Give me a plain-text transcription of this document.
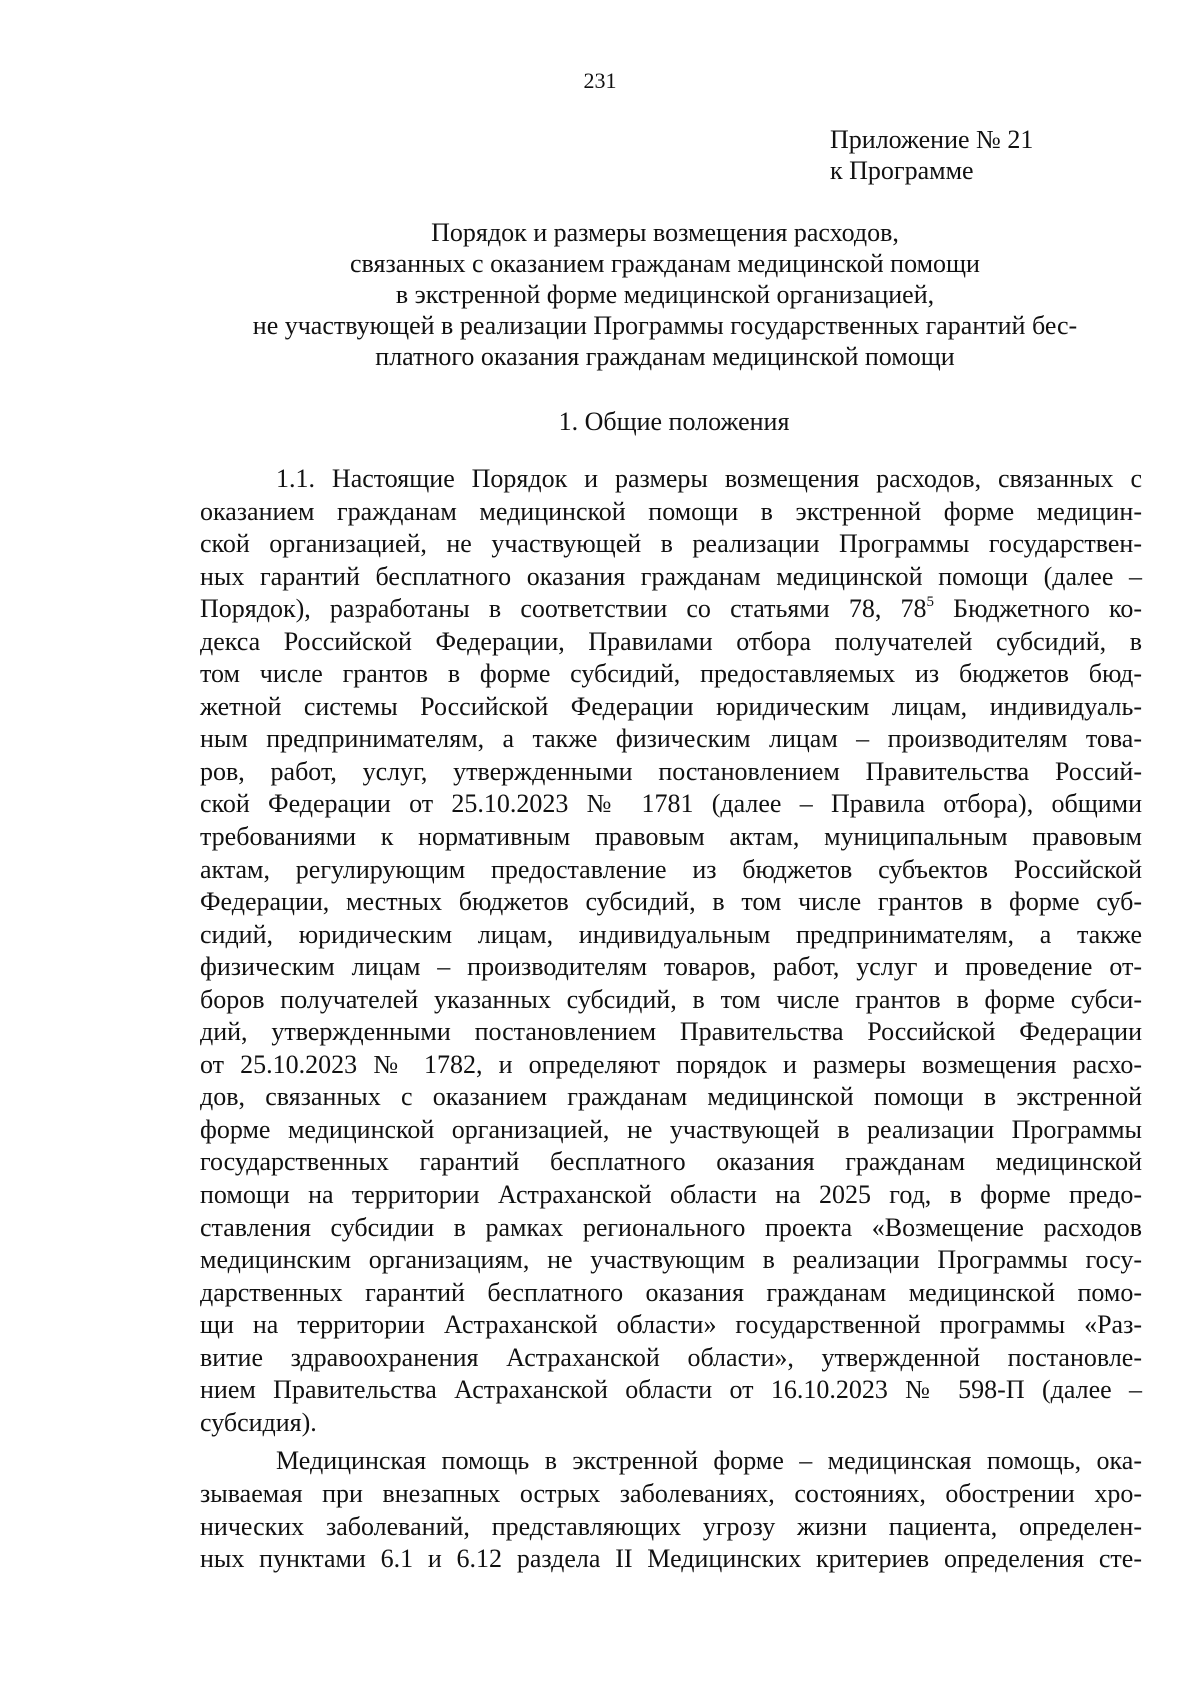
231
Приложение № 21
к Программе
Порядок и размеры возмещения расходов,
связанных с оказанием гражданам медицинской помощи
в экстренной форме медицинской организацией,
не участвующей в реализации Программы государственных гарантий бес-
платного оказания гражданам медицинской помощи
1. Общие положения
1.1. Настоящие Порядок и размеры возмещения расходов, связанных с
оказанием гражданам медицинской помощи в экстренной форме медицин-
ской организацией, не участвующей в реализации Программы государствен-
ных гарантий бесплатного оказания гражданам медицинской помощи (далее –
Порядок), разработаны в соответствии со статьями 78, $78^5$ Бюджетного ко-
декса Российской Федерации, Правилами отбора получателей субсидий, в
том числе грантов в форме субсидий, предоставляемых из бюджетов бюд-
жетной системы Российской Федерации юридическим лицам, индивидуаль-
ным предпринимателям, а также физическим лицам – производителям това-
ров, работ, услуг, утвержденными постановлением Правительства Россий-
ской Федерации от 25.10.2023 № 1781 (далее – Правила отбора), общими
требованиями к нормативным правовым актам, муниципальным правовым
актам, регулирующим предоставление из бюджетов субъектов Российской
Федерации, местных бюджетов субсидий, в том числе грантов в форме суб-
сидий, юридическим лицам, индивидуальным предпринимателям, а также
физическим лицам – производителям товаров, работ, услуг и проведение от-
боров получателей указанных субсидий, в том числе грантов в форме субси-
дий, утвержденными постановлением Правительства Российской Федерации
от 25.10.2023 № 1782, и определяют порядок и размеры возмещения расхо-
дов, связанных с оказанием гражданам медицинской помощи в экстренной
форме медицинской организацией, не участвующей в реализации Программы
государственных гарантий бесплатного оказания гражданам медицинской
помощи на территории Астраханской области на 2025 год, в форме предо-
ставления субсидии в рамках регионального проекта «Возмещение расходов
медицинским организациям, не участвующим в реализации Программы госу-
дарственных гарантий бесплатного оказания гражданам медицинской помо-
щи на территории Астраханской области» государственной программы «Раз-
витие здравоохранения Астраханской области», утвержденной постановле-
нием Правительства Астраханской области от 16.10.2023 № 598-П (далее –
субсидия).
Медицинская помощь в экстренной форме – медицинская помощь, ока-
зываемая при внезапных острых заболеваниях, состояниях, обострении хро-
нических заболеваний, представляющих угрозу жизни пациента, определен-
ных пунктами 6.1 и 6.12 раздела II Медицинских критериев определения сте-
